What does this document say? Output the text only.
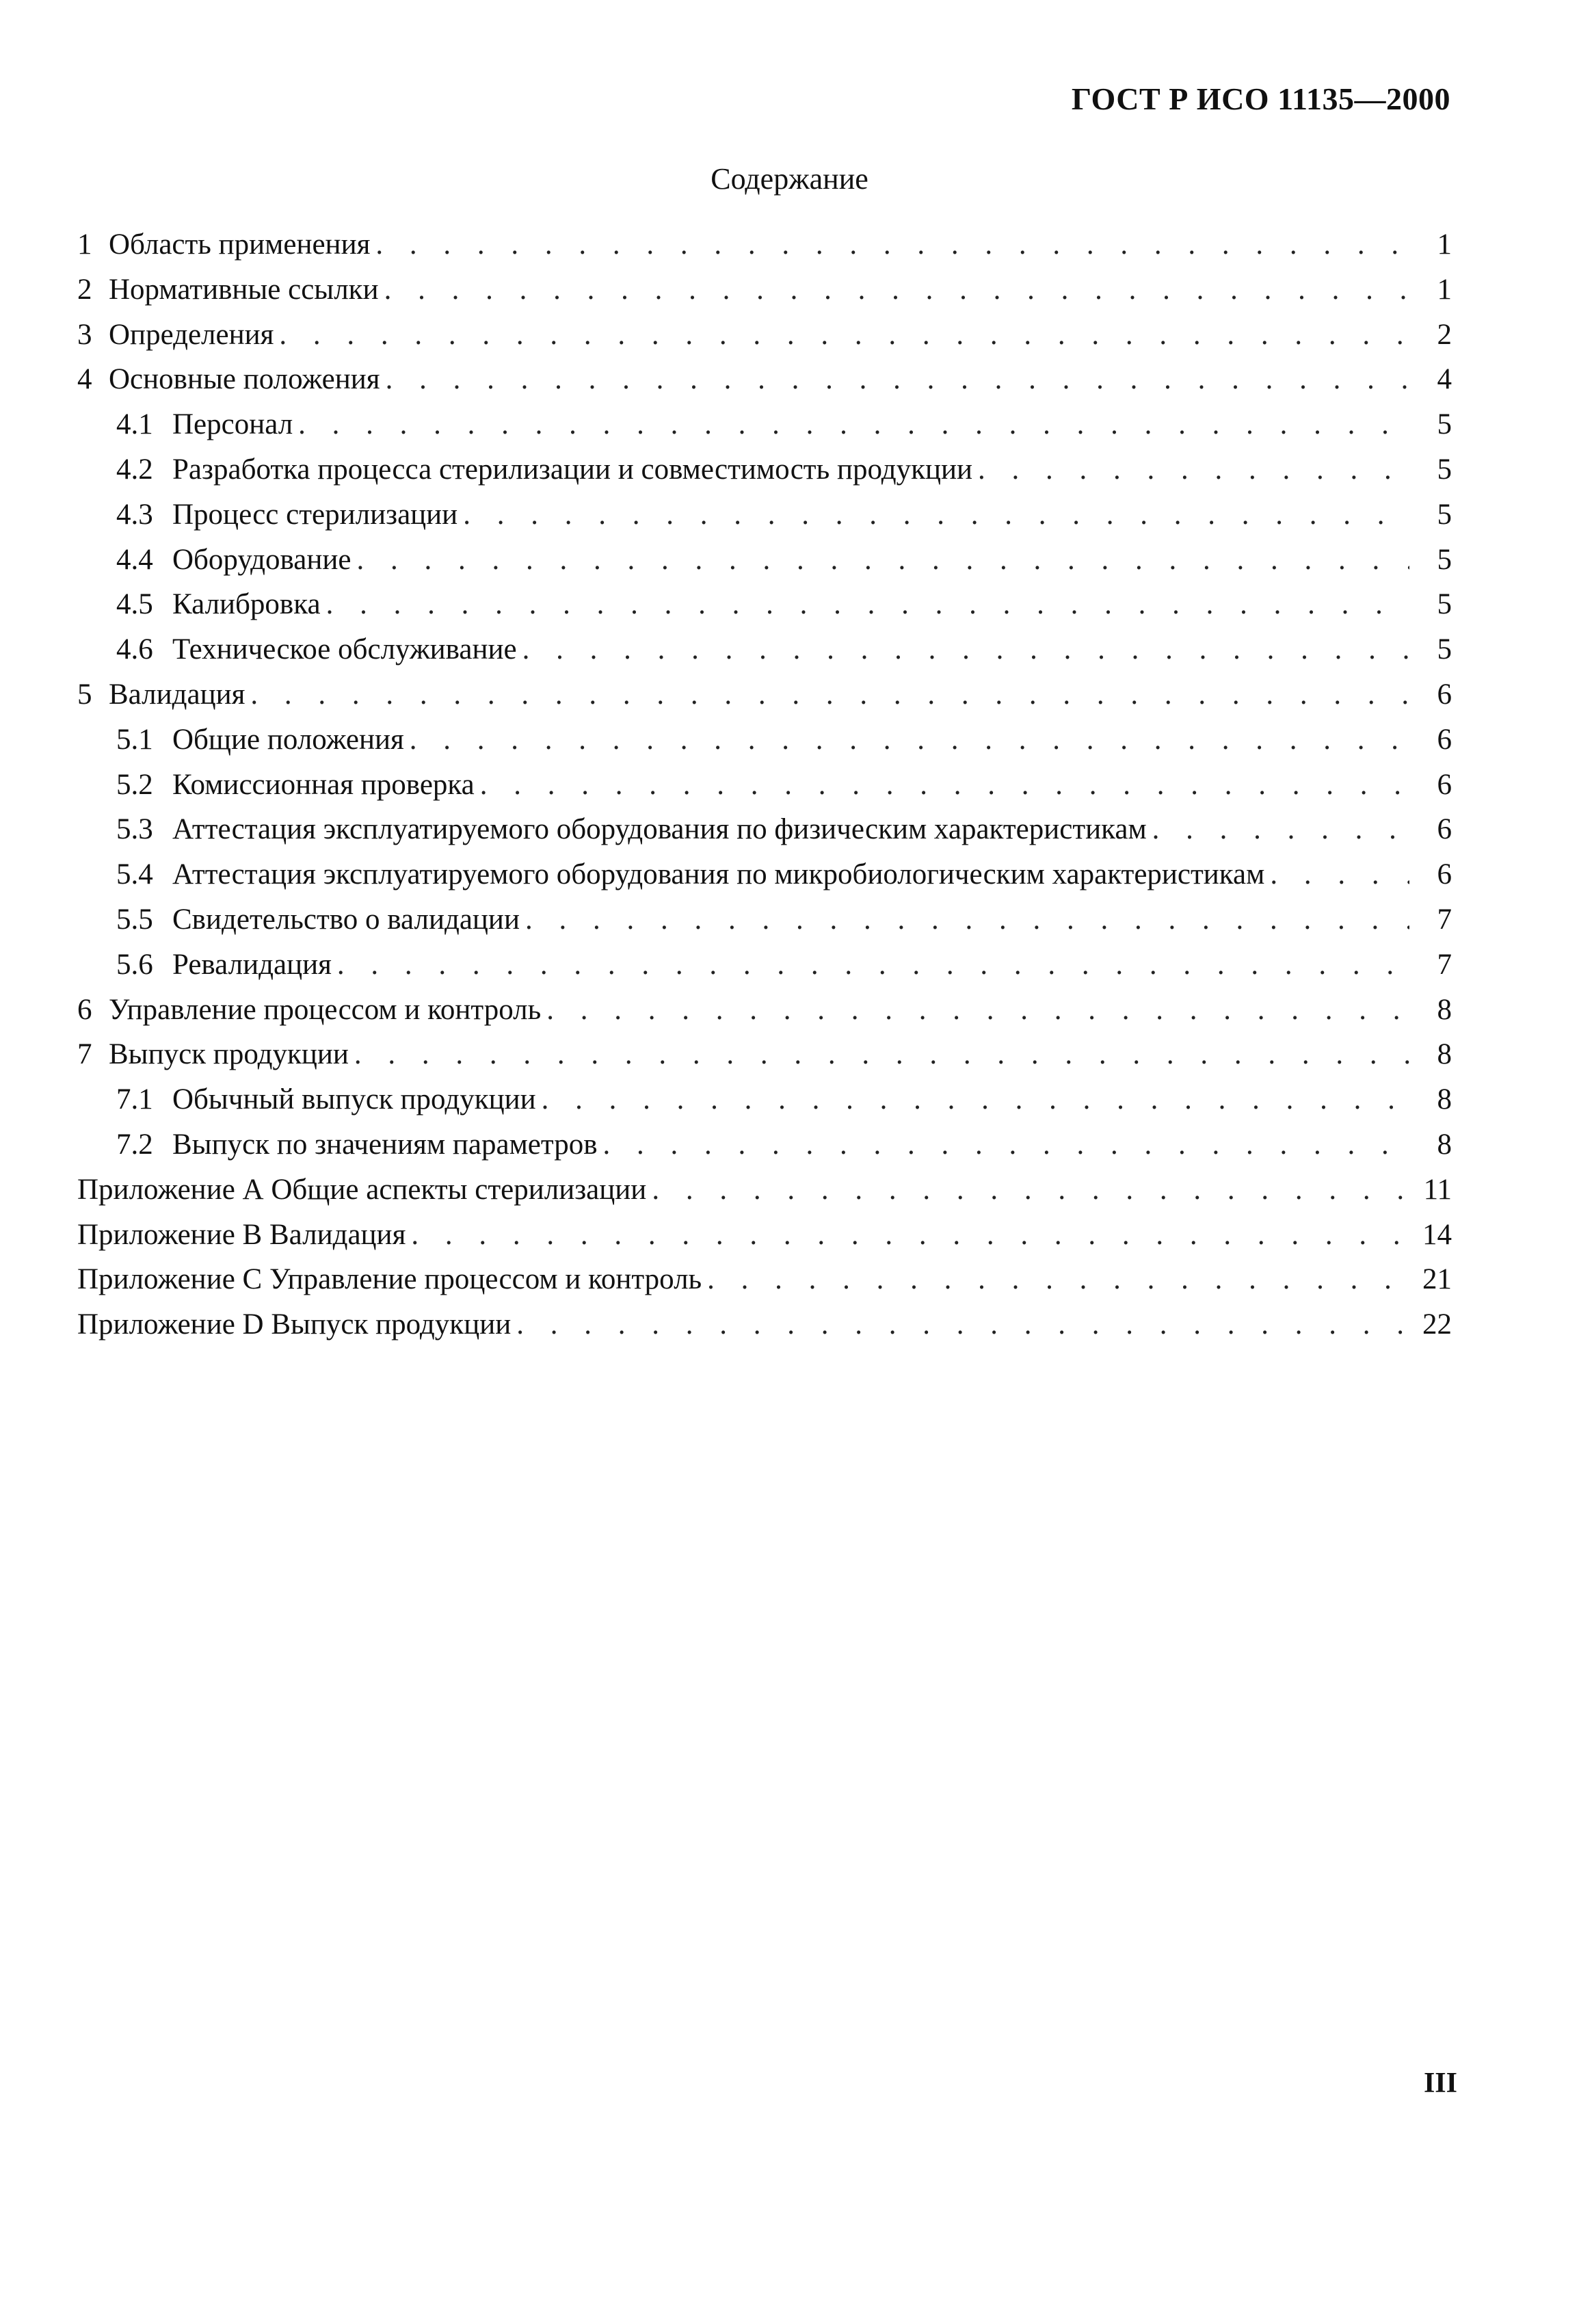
ГОСТ Р ИСО 11135—2000
Содержание
1 Область применения . . .	1
2 Нормативные ссылки . . .	1
3 Определения . . .	2
4 Основные положения . . .	4
4.1 Персонал . . .	5
4.2 Разработка процесса стерилизации и совместимость продукции . . .	5
4.3 Процесс стерилизации . . .	5
4.4 Оборудование . . .	5
4.5 Калибровка . . .	5
4.6 Техническое обслуживание . . .	5
5 Валидация . . .	6
5.1 Общие положения . . .	6
5.2 Комиссионная проверка . . .	6
5.3 Аттестация эксплуатируемого оборудования по физическим характеристикам . . .	6
5.4 Аттестация эксплуатируемого оборудования по микробиологическим характеристикам . . .	6
5.5 Свидетельство о валидации . . .	7
5.6 Ревалидация . . .	7
6 Управление процессом и контроль . . .	8
7 Выпуск продукции . . .	8
7.1 Обычный выпуск продукции . . .	8
7.2 Выпуск по значениям параметров . . .	8
Приложение А Общие аспекты стерилизации . . .	11
Приложение В Валидация . . .	14
Приложение С Управление процессом и контроль . . .	21
Приложение D Выпуск продукции . . .	22
III
